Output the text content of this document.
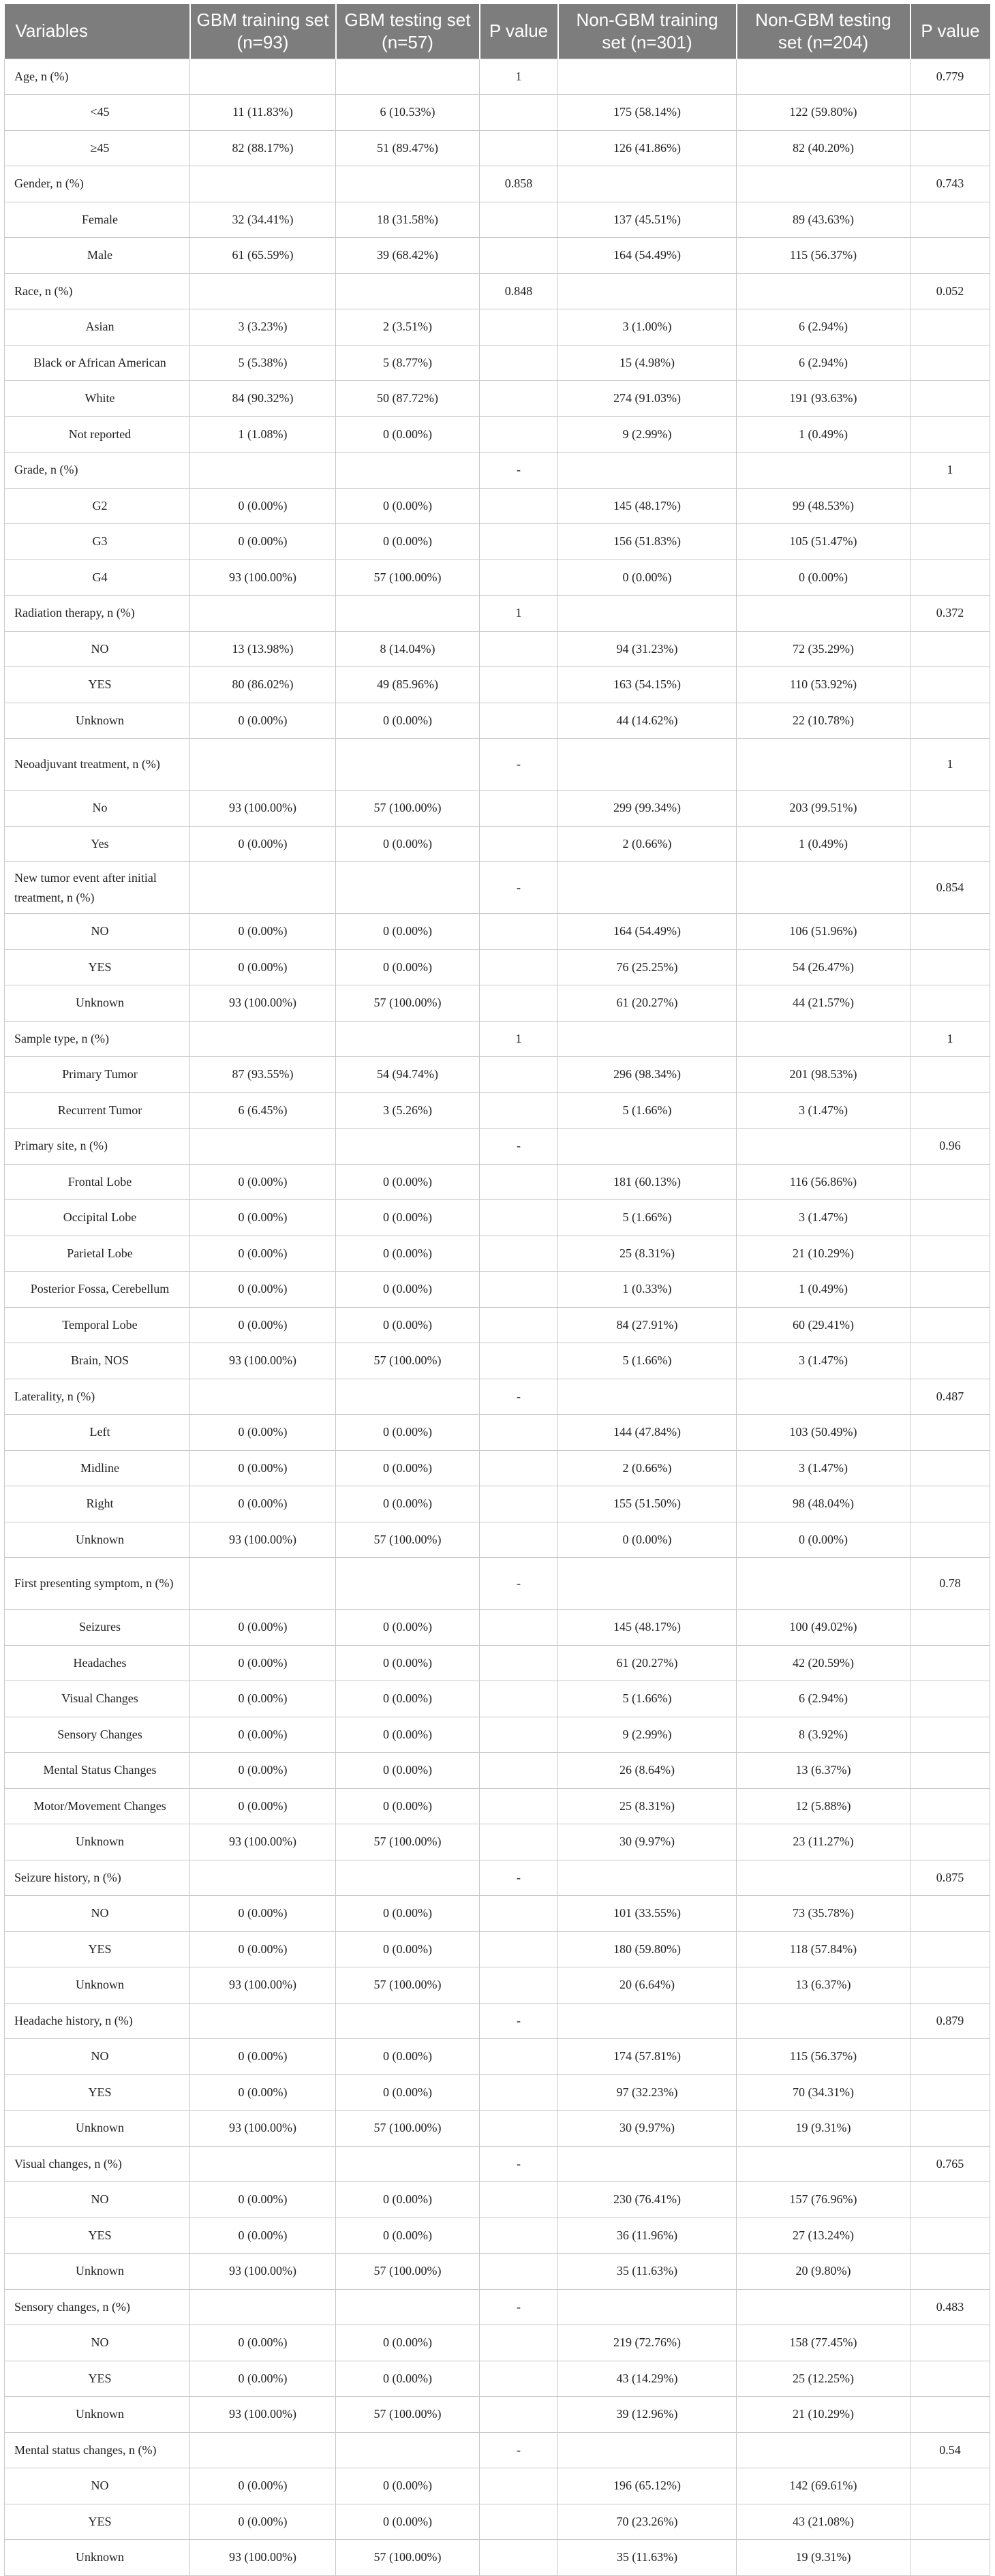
Variables	GBM training set (n=93)	GBM testing set (n=57)	P value	Non-GBM training set (n=301)	Non-GBM testing set (n=204)	P value
Age, n (%)			1			0.779
<45	11 (11.83%)	6 (10.53%)		175 (58.14%)	122 (59.80%)	
≥45	82 (88.17%)	51 (89.47%)		126 (41.86%)	82 (40.20%)	
Gender, n (%)			0.858			0.743
Female	32 (34.41%)	18 (31.58%)		137 (45.51%)	89 (43.63%)	
Male	61 (65.59%)	39 (68.42%)		164 (54.49%)	115 (56.37%)	
Race, n (%)			0.848			0.052
Asian	3 (3.23%)	2 (3.51%)		3 (1.00%)	6 (2.94%)	
Black or African American	5 (5.38%)	5 (8.77%)		15 (4.98%)	6 (2.94%)	
White	84 (90.32%)	50 (87.72%)		274 (91.03%)	191 (93.63%)	
Not reported	1 (1.08%)	0 (0.00%)		9 (2.99%)	1 (0.49%)	
Grade, n (%)			-			1
G2	0 (0.00%)	0 (0.00%)		145 (48.17%)	99 (48.53%)	
G3	0 (0.00%)	0 (0.00%)		156 (51.83%)	105 (51.47%)	
G4	93 (100.00%)	57 (100.00%)		0 (0.00%)	0 (0.00%)	
Radiation therapy, n (%)			1			0.372
NO	13 (13.98%)	8 (14.04%)		94 (31.23%)	72 (35.29%)	
YES	80 (86.02%)	49 (85.96%)		163 (54.15%)	110 (53.92%)	
Unknown	0 (0.00%)	0 (0.00%)		44 (14.62%)	22 (10.78%)	
Neoadjuvant treatment, n (%)			-			1
No	93 (100.00%)	57 (100.00%)		299 (99.34%)	203 (99.51%)	
Yes	0 (0.00%)	0 (0.00%)		2 (0.66%)	1 (0.49%)	
New tumor event after initial treatment, n (%)			-			0.854
NO	0 (0.00%)	0 (0.00%)		164 (54.49%)	106 (51.96%)	
YES	0 (0.00%)	0 (0.00%)		76 (25.25%)	54 (26.47%)	
Unknown	93 (100.00%)	57 (100.00%)		61 (20.27%)	44 (21.57%)	
Sample type, n (%)			1			1
Primary Tumor	87 (93.55%)	54 (94.74%)		296 (98.34%)	201 (98.53%)	
Recurrent Tumor	6 (6.45%)	3 (5.26%)		5 (1.66%)	3 (1.47%)	
Primary site, n (%)			-			0.96
Frontal Lobe	0 (0.00%)	0 (0.00%)		181 (60.13%)	116 (56.86%)	
Occipital Lobe	0 (0.00%)	0 (0.00%)		5 (1.66%)	3 (1.47%)	
Parietal Lobe	0 (0.00%)	0 (0.00%)		25 (8.31%)	21 (10.29%)	
Posterior Fossa, Cerebellum	0 (0.00%)	0 (0.00%)		1 (0.33%)	1 (0.49%)	
Temporal Lobe	0 (0.00%)	0 (0.00%)		84 (27.91%)	60 (29.41%)	
Brain, NOS	93 (100.00%)	57 (100.00%)		5 (1.66%)	3 (1.47%)	
Laterality, n (%)			-			0.487
Left	0 (0.00%)	0 (0.00%)		144 (47.84%)	103 (50.49%)	
Midline	0 (0.00%)	0 (0.00%)		2 (0.66%)	3 (1.47%)	
Right	0 (0.00%)	0 (0.00%)		155 (51.50%)	98 (48.04%)	
Unknown	93 (100.00%)	57 (100.00%)		0 (0.00%)	0 (0.00%)	
First presenting symptom, n (%)			-			0.78
Seizures	0 (0.00%)	0 (0.00%)		145 (48.17%)	100 (49.02%)	
Headaches	0 (0.00%)	0 (0.00%)		61 (20.27%)	42 (20.59%)	
Visual Changes	0 (0.00%)	0 (0.00%)		5 (1.66%)	6 (2.94%)	
Sensory Changes	0 (0.00%)	0 (0.00%)		9 (2.99%)	8 (3.92%)	
Mental Status Changes	0 (0.00%)	0 (0.00%)		26 (8.64%)	13 (6.37%)	
Motor/Movement Changes	0 (0.00%)	0 (0.00%)		25 (8.31%)	12 (5.88%)	
Unknown	93 (100.00%)	57 (100.00%)		30 (9.97%)	23 (11.27%)	
Seizure history, n (%)			-			0.875
NO	0 (0.00%)	0 (0.00%)		101 (33.55%)	73 (35.78%)	
YES	0 (0.00%)	0 (0.00%)		180 (59.80%)	118 (57.84%)	
Unknown	93 (100.00%)	57 (100.00%)		20 (6.64%)	13 (6.37%)	
Headache history, n (%)			-			0.879
NO	0 (0.00%)	0 (0.00%)		174 (57.81%)	115 (56.37%)	
YES	0 (0.00%)	0 (0.00%)		97 (32.23%)	70 (34.31%)	
Unknown	93 (100.00%)	57 (100.00%)		30 (9.97%)	19 (9.31%)	
Visual changes, n (%)			-			0.765
NO	0 (0.00%)	0 (0.00%)		230 (76.41%)	157 (76.96%)	
YES	0 (0.00%)	0 (0.00%)		36 (11.96%)	27 (13.24%)	
Unknown	93 (100.00%)	57 (100.00%)		35 (11.63%)	20 (9.80%)	
Sensory changes, n (%)			-			0.483
NO	0 (0.00%)	0 (0.00%)		219 (72.76%)	158 (77.45%)	
YES	0 (0.00%)	0 (0.00%)		43 (14.29%)	25 (12.25%)	
Unknown	93 (100.00%)	57 (100.00%)		39 (12.96%)	21 (10.29%)	
Mental status changes, n (%)			-			0.54
NO	0 (0.00%)	0 (0.00%)		196 (65.12%)	142 (69.61%)	
YES	0 (0.00%)	0 (0.00%)		70 (23.26%)	43 (21.08%)	
Unknown	93 (100.00%)	57 (100.00%)		35 (11.63%)	19 (9.31%)	
